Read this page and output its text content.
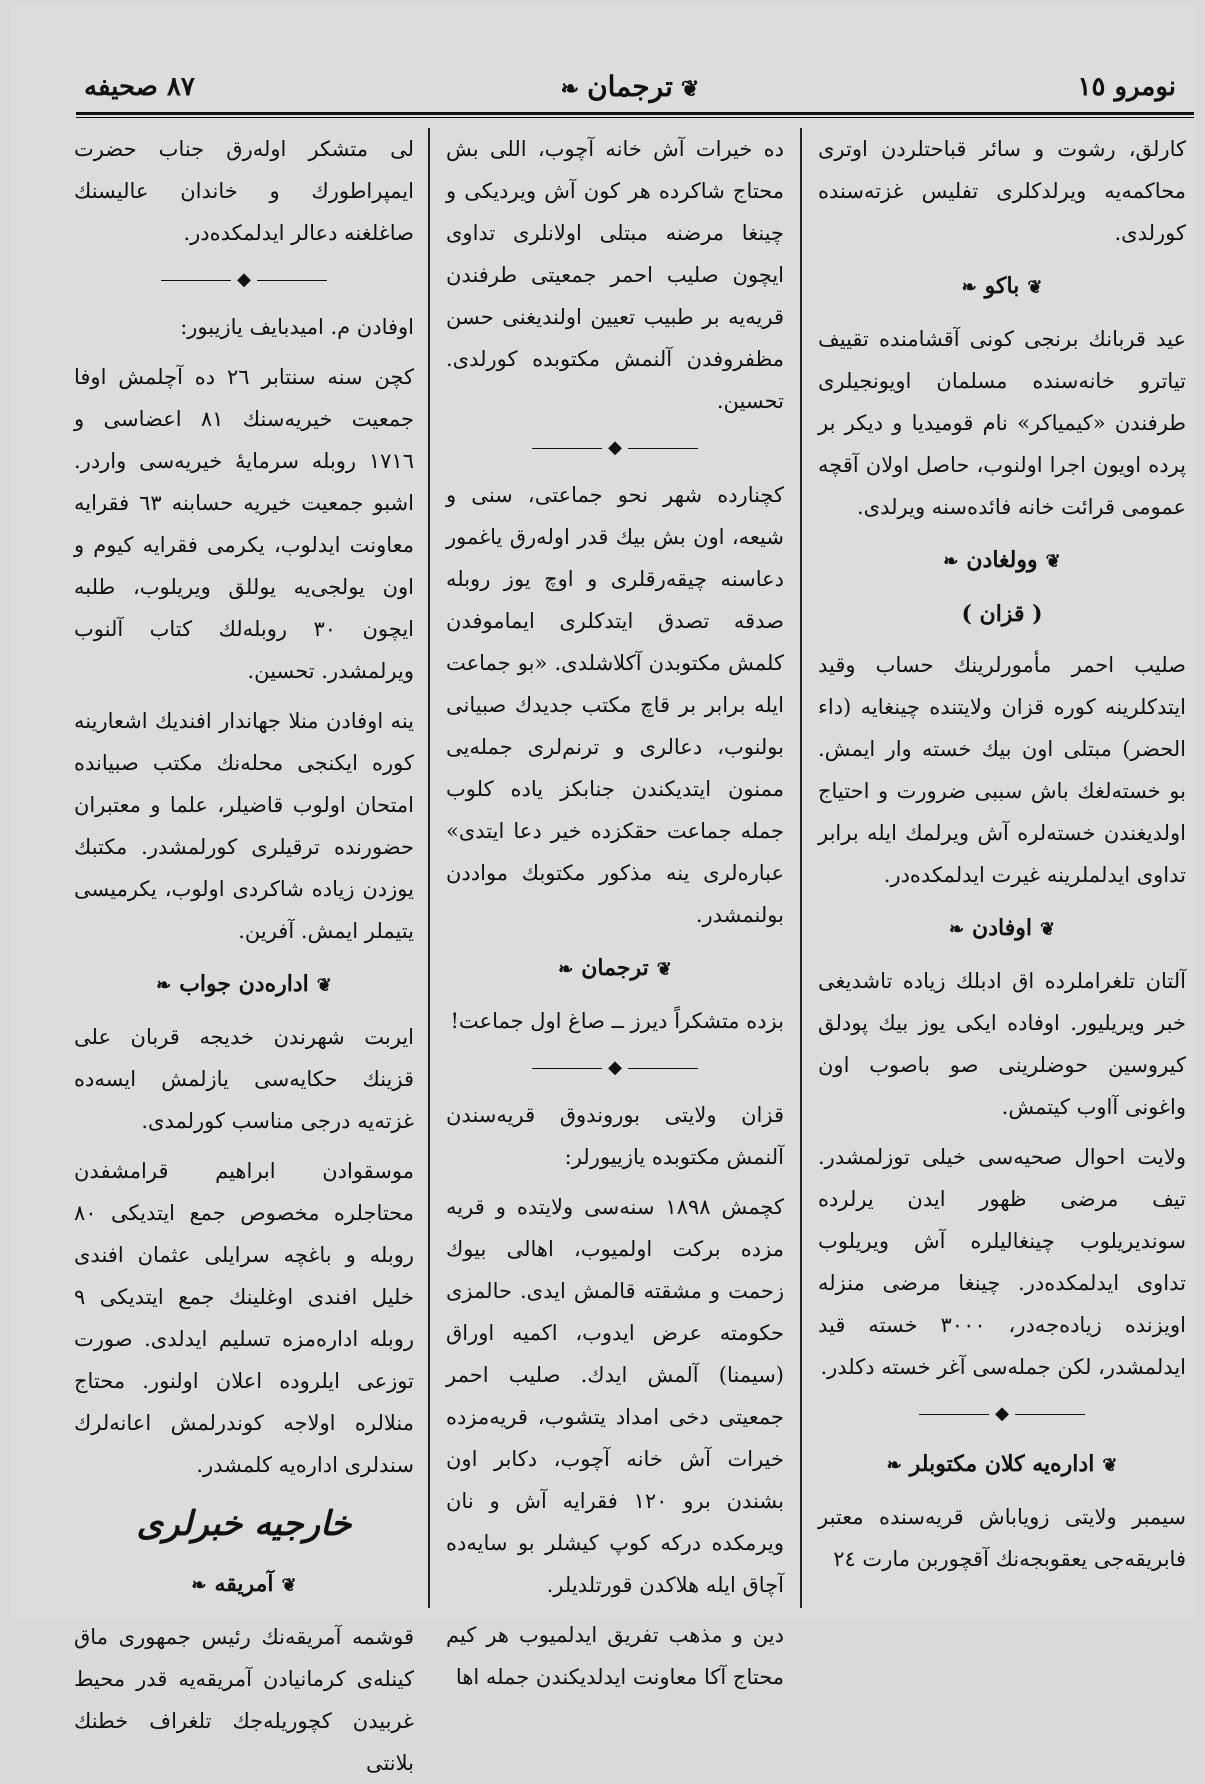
نومرو ١٥
❦ترجمان❧
٨٧ صحيفه

كارلق، رشوت و سائر قباحتلردن اوترى محاكمه‌يه ويرلدكلرى تفليس غزته‌سنده كورلدى.

❦باكو❧

عيد قربانك برنجى كونى آقشامنده تقييف تياترو خانه‌سنده مسلمان اويونجيلرى طرفندن «كيمياكر» نام قوميديا و ديكر بر پرده اويون اجرا اولنوب، حاصل اولان آقچه عمومى قرائت خانه فائده‌سنه ويرلدى.

❦وولغادن❧
( قزان )

صليب احمر مأمورلرينك حساب وقيد ايتدكلرينه كوره قزان ولايتنده چينغايه (داء الحضر) مبتلى اون بيك خسته وار ايمش. بو خسته‌لغك باش سببى ضرورت و احتياج اولديغندن خسته‌لره آش ويرلمك ايله برابر تداوى ايدلملرينه غيرت ايدلمكده‌در.

❦اوفادن❧

آلتان تلغراملرده اق ادبلك زياده تاشديغى خبر ويريليور. اوفاده ايكى يوز بيك پودلق كيروسين حوضلرينى صو باصوب اون واغونى آاوب كيتمش.

ولايت احوال صحيه‌سى خيلى توزلمشدر. تيف مرضى ظهور ايدن يرلرده سونديريلوب چينغاليلره آش ويريلوب تداوى ايدلمكده‌در. چينغا مرضى منزله اويزنده زياده‌جه‌در، ٣٠٠٠ خسته قيد ايدلمشدر، لكن جمله‌سى آغر خسته دكلدر.

◆
❦اداره‌يه كلان مكتوبلر❧

سيمبر ولايتى زوياباش قريه‌سنده معتبر فابريقه‌جى يعقوبجه‌نك آقچوربن مارت ٢٤

ده خيرات آش خانه آچوب، اللى بش محتاج شاكرده هر كون آش ويرديكى و چينغا مرضنه مبتلى اولانلرى تداوى ايچون صليب احمر جمعيتى طرفندن قريه‌يه بر طبيب تعيين اولنديغنى حسن مظفروفدن آلنمش مكتوبده كورلدى. تحسين.

◆

كچنارده شهر نحو جماعتى، سنى و شيعه، اون بش بيك قدر اوله‌رق ياغمور دعاسنه چيقه‌رقلرى و اوچ يوز روبله صدقه تصدق ايتدكلرى ايماموفدن كلمش مكتوبدن آكلاشلدى. «بو جماعت ايله برابر بر قاچ مكتب جديدك صبيانى بولنوب، دعالرى و ترنم‌لرى جمله‌يى ممنون ايتديكندن جنابكز ياده كلوب جمله جماعت حقكزده خير دعا ايتدى» عباره‌لرى ينه مذكور مكتوبك مواددن بولنمشدر.

❦ترجمان❧

بزده متشكراً ديرز ــ صاغ اول جماعت!

◆

قزان ولايتى بوروندوق قريه‌سندن آلنمش مكتوبده يازييورلر:

كچمش ١٨٩٨ سنه‌سى ولايتده و قريه مزده بركت اولميوب، اهالى بيوك زحمت و مشقته قالمش ايدى. حالمزى حكومته عرض ايدوب، اكميه اوراق (سيمنا) آلمش ايدك. صليب احمر جمعيتى دخى امداد يتشوب، قريه‌مزده خيرات آش خانه آچوب، دكابر اون بشندن برو ١٢٠ فقرايه آش و نان ويرمكده دركه كوپ كيشلر بو سايه‌ده آچاق ايله هلاكدن قورتلديلر.

دين و مذهب تفريق ايدلميوب هر كيم محتاج آكا معاونت ايدلديكندن جمله اها

لى متشكر اوله‌رق جناب حضرت ايمپراطورك و خاندان عاليسنك صاغلغنه دعالر ايدلمكده‌در.

◆

اوفادن م. اميدبايف يازيبور:

كچن سنه سنتابر ٢٦ ده آچلمش اوفا جمعيت خيريه‌سنك ٨١ اعضاسى و ١٧١٦ روبله سرمايۀ خيريه‌سى واردر. اشبو جمعيت خيريه حسابنه ٦٣ فقرايه معاونت ايدلوب، يكرمى فقرايه كيوم و اون يولجى‌يه يوللق ويريلوب، طلبه ايچون ٣٠ روبله‌لك كتاب آلنوب ويرلمشدر. تحسين.

ينه اوفادن منلا جهاندار افنديك اشعارينه كوره ايكنجى محله‌نك مكتب صبيانده امتحان اولوب قاضيلر، علما و معتبران حضورنده ترقيلرى كورلمشدر. مكتبك يوزدن زياده شاكردى اولوب، يكرميسى يتيملر ايمش. آفرين.

❦اداره‌دن جواب❧

ايربت شهرندن خديجه قربان على قزينك حكايه‌سى يازلمش ايسه‌ده غزته‌يه درجى مناسب كورلمدى.

موسقوادن ابراهيم قرامشفدن محتاجلره مخصوص جمع ايتديكى ٨٠ روبله و باغچه سرايلى عثمان افندى خليل افندى اوغلينك جمع ايتديكى ٩ روبله اداره‌مزه تسليم ايدلدى. صورت توزعى ايلروده اعلان اولنور. محتاج منلالره اولاجه كوندرلمش اعانه‌لرك سندلرى اداره‌يه كلمشدر.

خارجيه خبرلرى
❦آمريقه❧

قوشمه آمريقه‌نك رئيس جمهورى ماق كينله‌ى كرمانيادن آمريقه‌يه قدر محيط غربيدن كچوريله‌جك تلغراف خطنك بلانتى
